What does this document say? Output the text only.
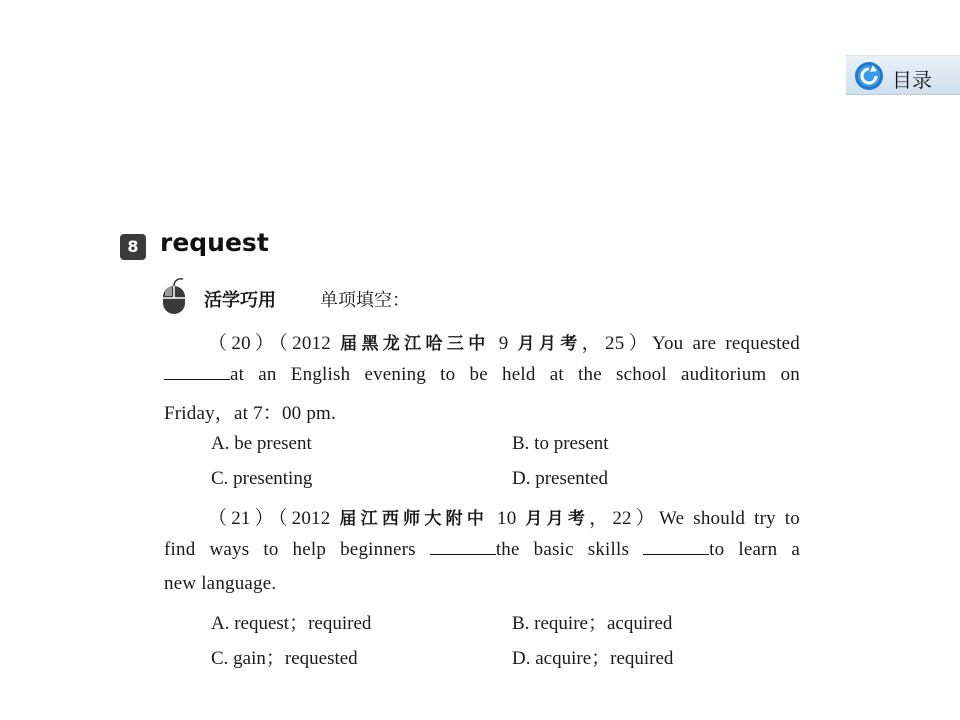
目录
8 request
活学巧用 单项填空：
（20）（2012 届黑龙江哈三中 9 月月考，25）You are requested
at an English evening to be held at the school auditorium on
Friday，at 7：00 pm.
A. be present	B. to present
C. presenting	D. presented
（21）（2012 届江西师大附中 10 月月考，22）We should try to
find ways to help beginners	the basic skills	to learn a
new language.
A. request；required	B. require；acquired
C. gain；requested	D. acquire；required
